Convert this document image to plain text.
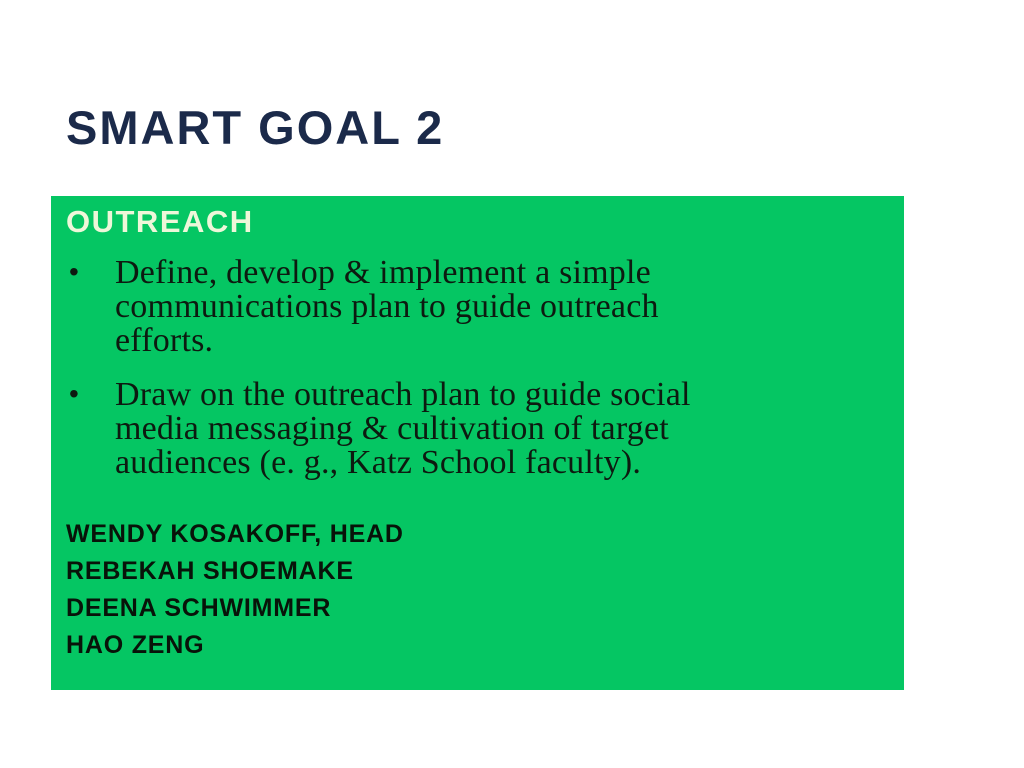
SMART GOAL 2
OUTREACH
• Define, develop & implement a simple
communications plan to guide outreach
efforts.
• Draw on the outreach plan to guide social
media messaging & cultivation of target
audiences (e. g., Katz School faculty).
WENDY KOSAKOFF, HEAD
REBEKAH SHOEMAKE
DEENA SCHWIMMER
HAO ZENG
